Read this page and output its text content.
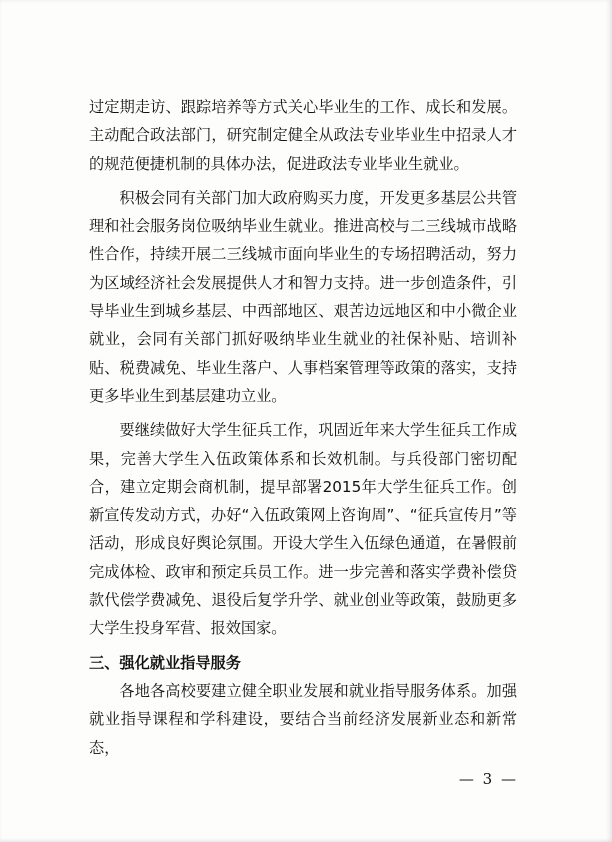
过定期走访、跟踪培养等方式关心毕业生的工作、成长和发展。主动配合政法部门，研究制定健全从政法专业毕业生中招录人才的规范便捷机制的具体办法，促进政法专业毕业生就业。

积极会同有关部门加大政府购买力度，开发更多基层公共管理和社会服务岗位吸纳毕业生就业。推进高校与二三线城市战略性合作，持续开展二三线城市面向毕业生的专场招聘活动，努力为区域经济社会发展提供人才和智力支持。进一步创造条件，引导毕业生到城乡基层、中西部地区、艰苦边远地区和中小微企业就业，会同有关部门抓好吸纳毕业生就业的社保补贴、培训补贴、税费减免、毕业生落户、人事档案管理等政策的落实，支持更多毕业生到基层建功立业。

要继续做好大学生征兵工作，巩固近年来大学生征兵工作成果，完善大学生入伍政策体系和长效机制。与兵役部门密切配合，建立定期会商机制，提早部署2015年大学生征兵工作。创新宣传发动方式，办好“入伍政策网上咨询周”、“征兵宣传月”等活动，形成良好舆论氛围。开设大学生入伍绿色通道，在暑假前完成体检、政审和预定兵员工作。进一步完善和落实学费补偿贷款代偿学费减免、退役后复学升学、就业创业等政策，鼓励更多大学生投身军营、报效国家。

三、强化就业指导服务

各地各高校要建立健全职业发展和就业指导服务体系。加强就业指导课程和学科建设，要结合当前经济发展新业态和新常态，

— 3 —
